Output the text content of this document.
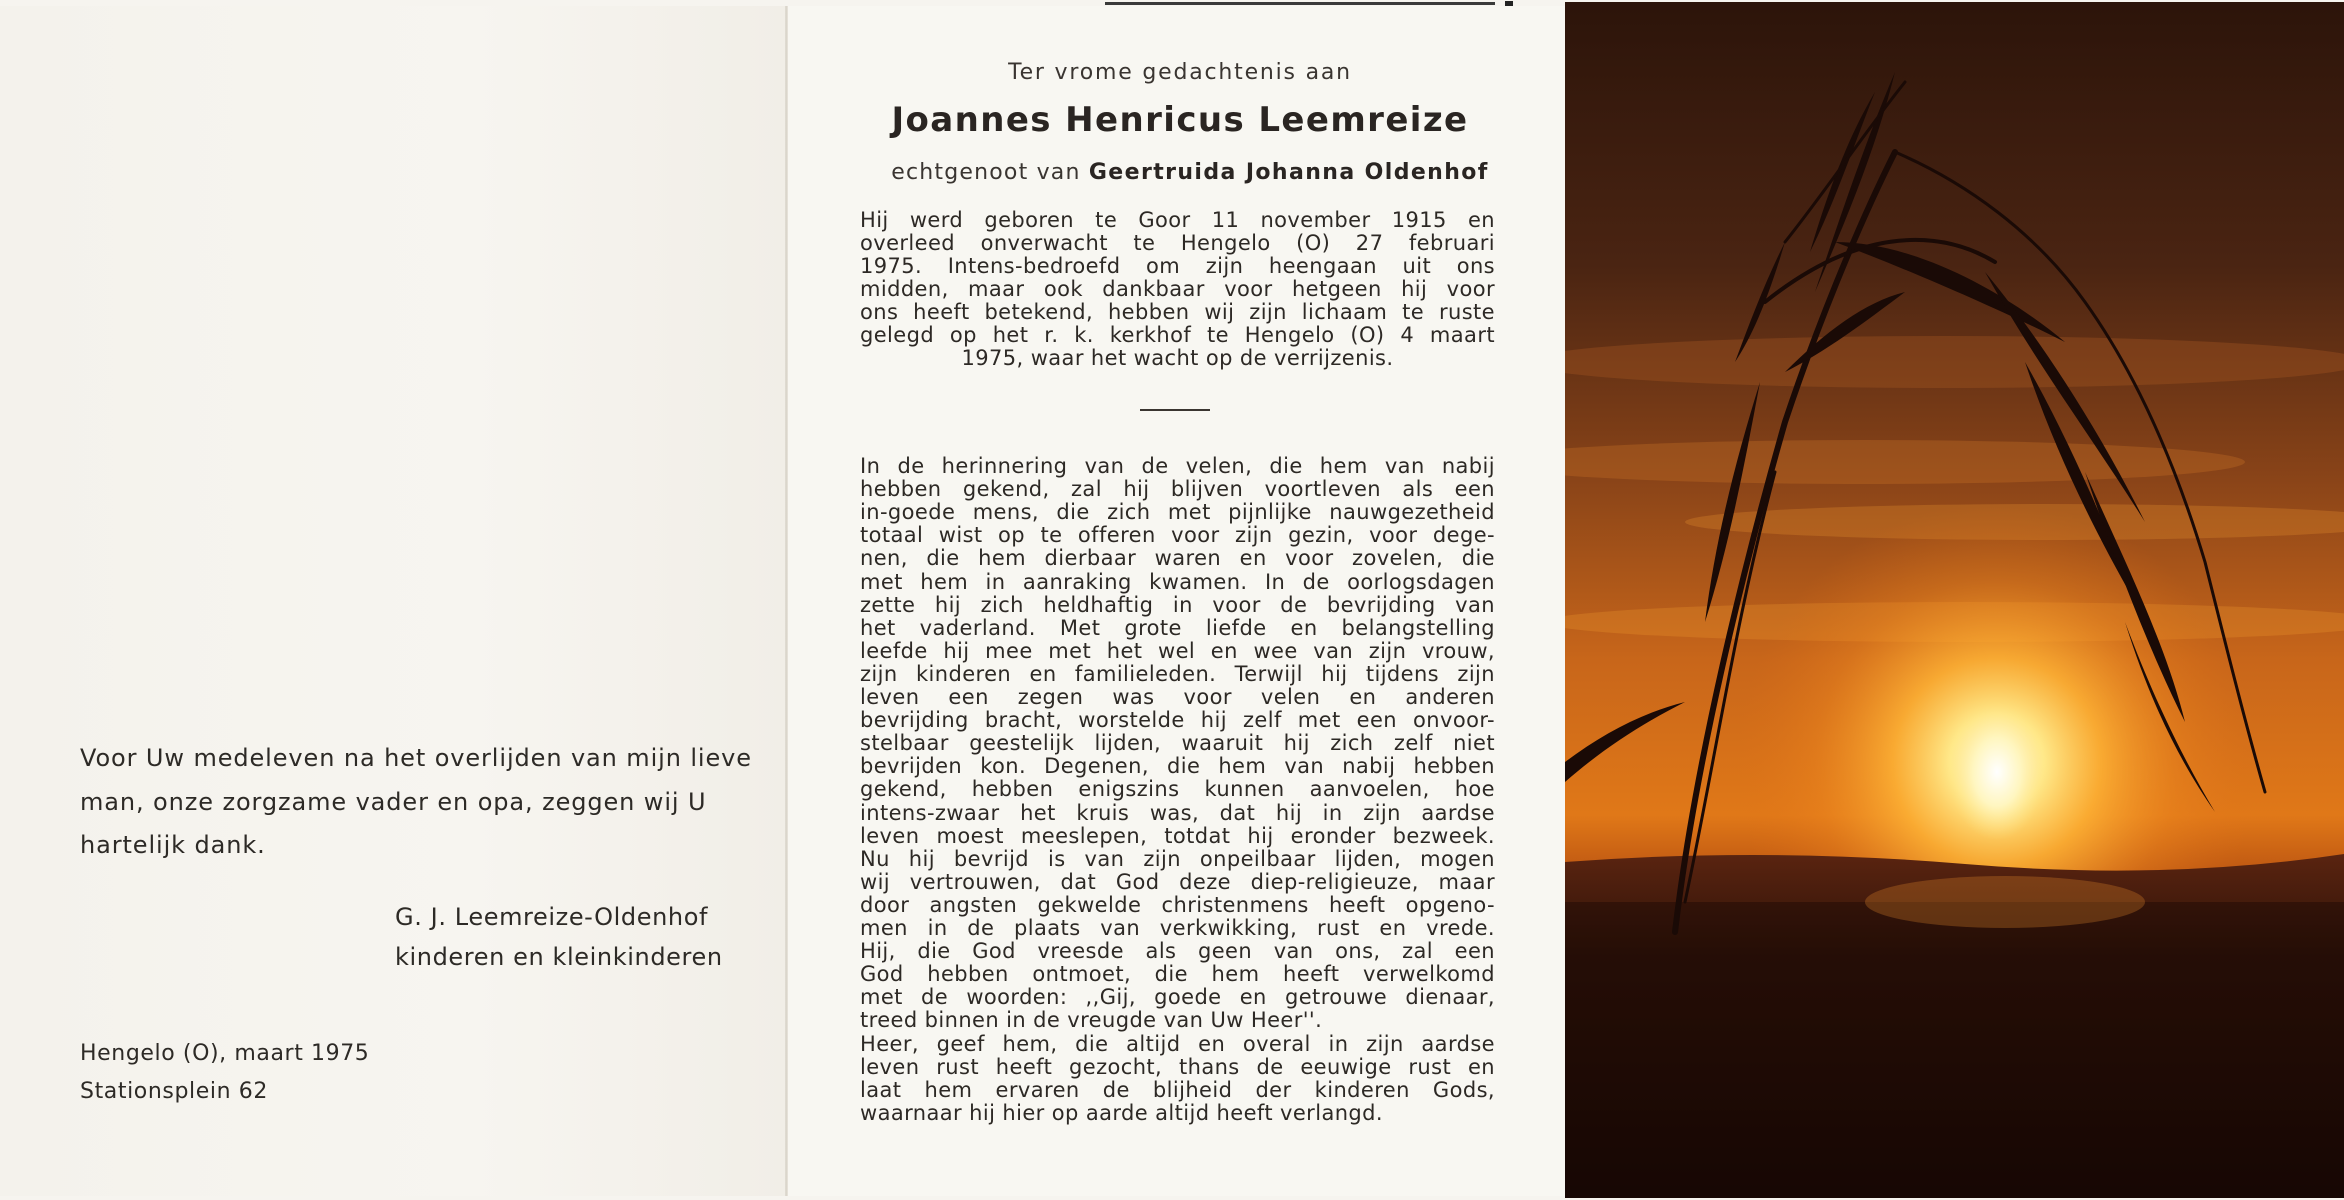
Voor Uw medeleven na het overlijden van mijn lieve
man, onze zorgzame vader en opa, zeggen wij U
hartelijk dank.
G. J. Leemreize-Oldenhof
kinderen en kleinkinderen
Hengelo (O), maart 1975
Stationsplein 62
Ter vrome gedachtenis aan
Joannes Henricus Leemreize
echtgenoot van Geertruida Johanna Oldenhof
Hij werd geboren te Goor 11 november 1915 en
overleed onverwacht te Hengelo (O) 27 februari
1975. Intens-bedroefd om zijn heengaan uit ons
midden, maar ook dankbaar voor hetgeen hij voor
ons heeft betekend, hebben wij zijn lichaam te ruste
gelegd op het r. k. kerkhof te Hengelo (O) 4 maart
1975, waar het wacht op de verrijzenis.
In de herinnering van de velen, die hem van nabij
hebben gekend, zal hij blijven voortleven als een
in-goede mens, die zich met pijnlijke nauwgezetheid
totaal wist op te offeren voor zijn gezin, voor dege-
nen, die hem dierbaar waren en voor zovelen, die
met hem in aanraking kwamen. In de oorlogsdagen
zette hij zich heldhaftig in voor de bevrijding van
het vaderland. Met grote liefde en belangstelling
leefde hij mee met het wel en wee van zijn vrouw,
zijn kinderen en familieleden. Terwijl hij tijdens zijn
leven een zegen was voor velen en anderen
bevrijding bracht, worstelde hij zelf met een onvoor-
stelbaar geestelijk lijden, waaruit hij zich zelf niet
bevrijden kon. Degenen, die hem van nabij hebben
gekend, hebben enigszins kunnen aanvoelen, hoe
intens-zwaar het kruis was, dat hij in zijn aardse
leven moest meeslepen, totdat hij eronder bezweek.
Nu hij bevrijd is van zijn onpeilbaar lijden, mogen
wij vertrouwen, dat God deze diep-religieuze, maar
door angsten gekwelde christenmens heeft opgeno-
men in de plaats van verkwikking, rust en vrede.
Hij, die God vreesde als geen van ons, zal een
God hebben ontmoet, die hem heeft verwelkomd
met de woorden: ,,Gij, goede en getrouwe dienaar,
treed binnen in de vreugde van Uw Heer''.
Heer, geef hem, die altijd en overal in zijn aardse
leven rust heeft gezocht, thans de eeuwige rust en
laat hem ervaren de blijheid der kinderen Gods,
waarnaar hij hier op aarde altijd heeft verlangd.
